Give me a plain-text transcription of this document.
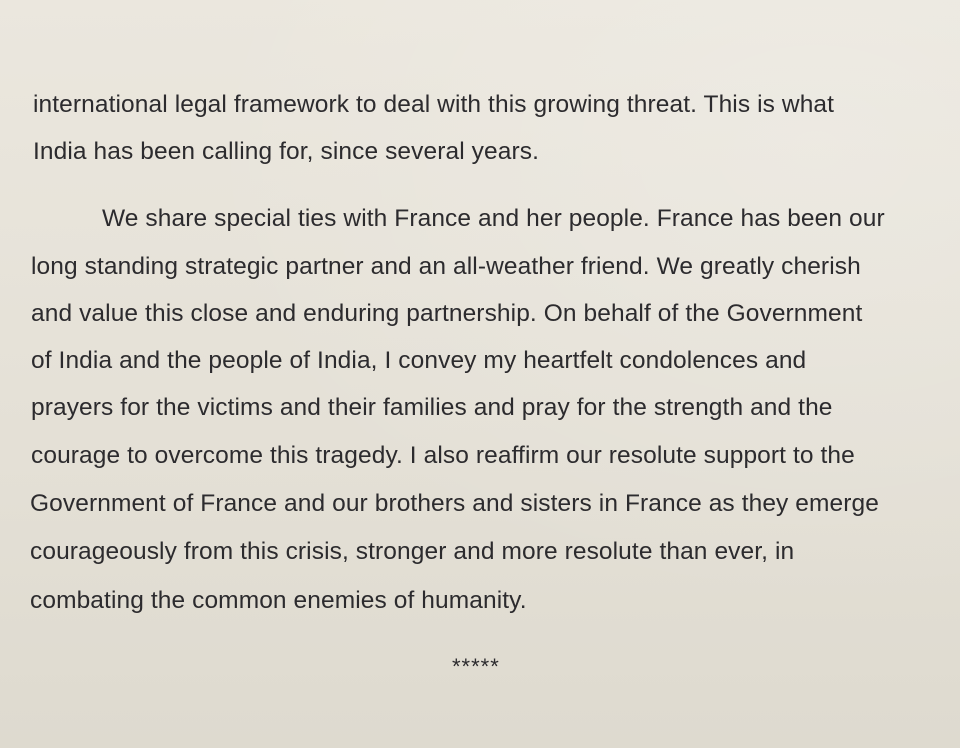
international legal framework to deal with this growing threat. This is what
India has been calling for, since several years.
We share special ties with France and her people. France has been our
long standing strategic partner and an all-weather friend. We greatly cherish
and value this close and enduring partnership. On behalf of the Government
of India and the people of India, I convey my heartfelt condolences and
prayers for the victims and their families and pray for the strength and the
courage to overcome this tragedy. I also reaffirm our resolute support to the
Government of France and our brothers and sisters in France as they emerge
courageously from this crisis, stronger and more resolute than ever, in
combating the common enemies of humanity.
*****
